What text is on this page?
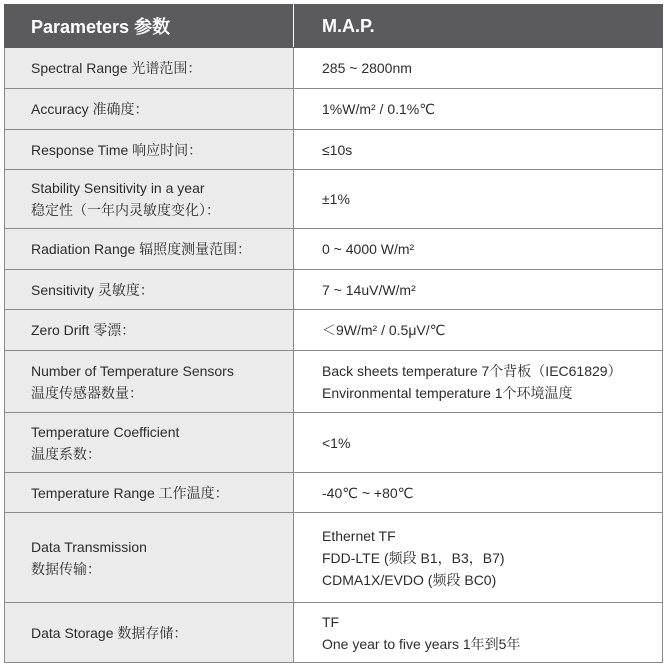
Parameters 参数	M.A.P.

Spectral Range 光谱范围：	285 ~ 2800nm

Accuracy 准确度：	1%W/m² / 0.1%℃

Response Time 响应时间：	≤10s

Stability Sensitivity in a year
稳定性（一年内灵敏度变化）：	±1%

Radiation Range 辐照度测量范围：	0 ~ 4000 W/m²

Sensitivity 灵敏度：	7 ~ 14uV/W/m²

Zero Drift 零漂：	＜9W/m² / 0.5μV/℃

Number of Temperature Sensors
温度传感器数量：	Back sheets temperature 7个背板（IEC61829）
Environmental temperature 1个环境温度

Temperature Coefficient
温度系数：	<1%

Temperature Range 工作温度：	-40℃ ~ +80℃

Data Transmission
数据传输：	Ethernet TF
FDD-LTE (频段 B1，B3，B7)
CDMA1X/EVDO (频段 BC0)

Data Storage 数据存储：	TF
One year to five years 1年到5年
